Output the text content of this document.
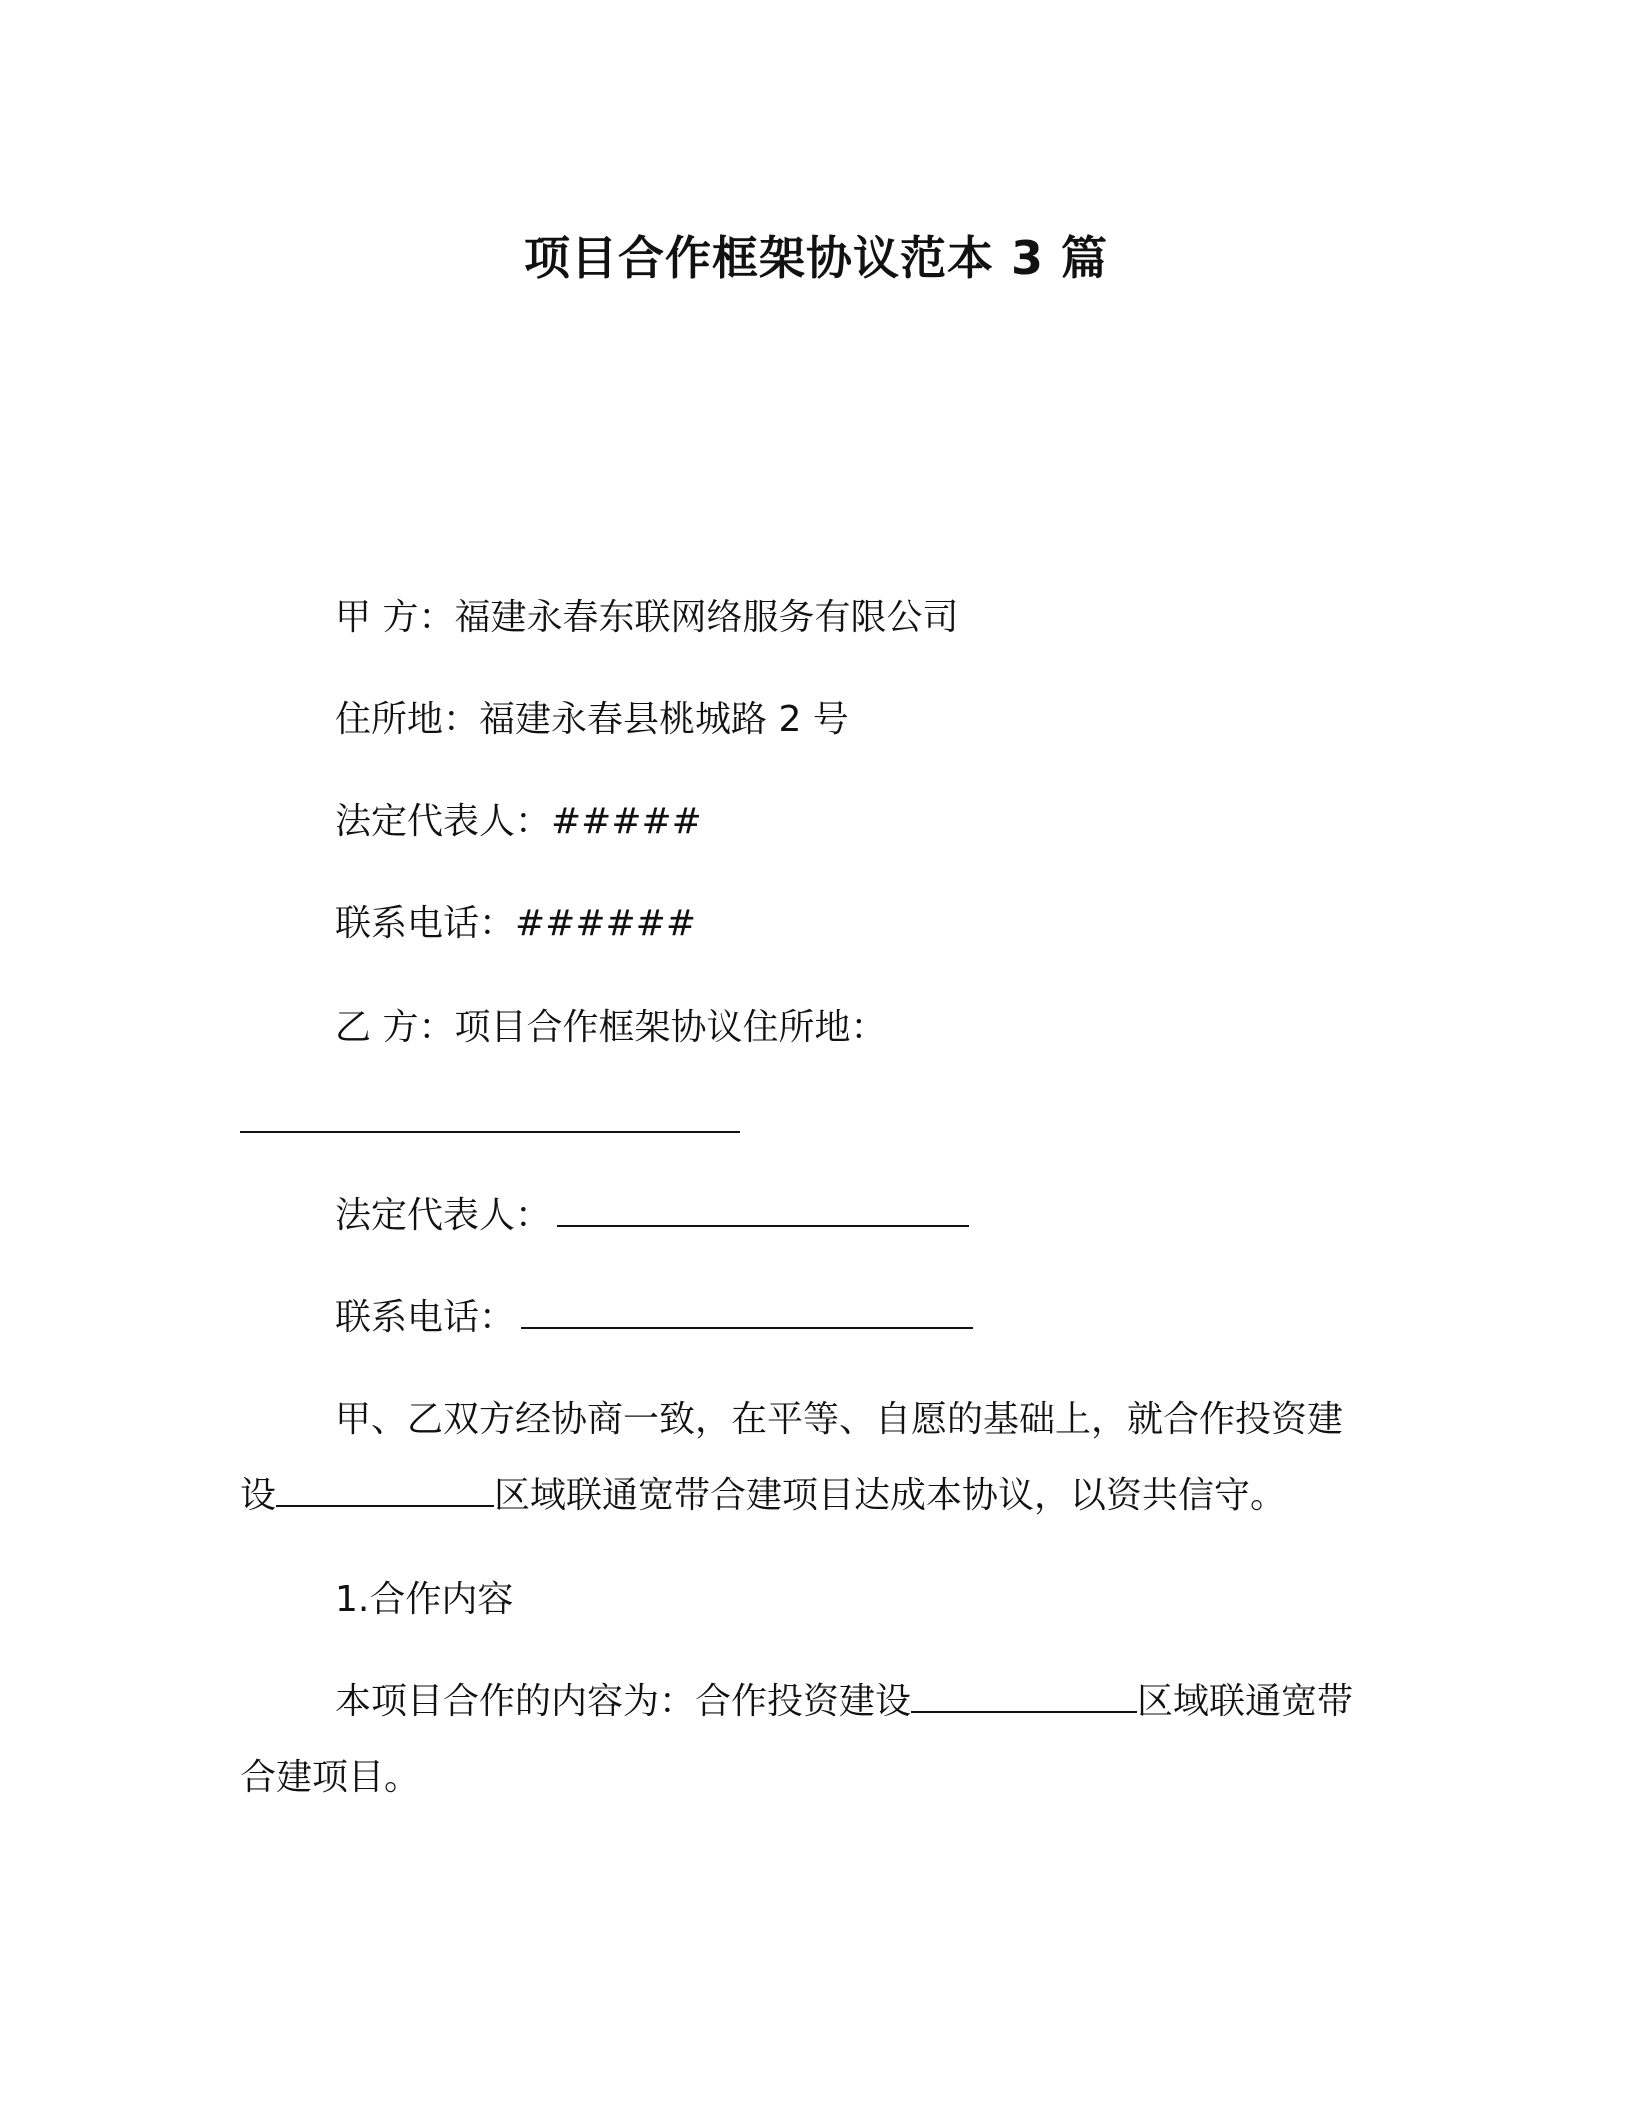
项目合作框架协议范本 3 篇
甲 方：福建永春东联网络服务有限公司
住所地：福建永春县桃城路 2 号
法定代表人：#####
联系电话：######
乙 方：项目合作框架协议住所地：
法定代表人：
联系电话：
甲、乙双方经协商一致，在平等、自愿的基础上，就合作投资建
设	区域联通宽带合建项目达成本协议，以资共信守。
1.合作内容
本项目合作的内容为：合作投资建设	区域联通宽带
合建项目。
